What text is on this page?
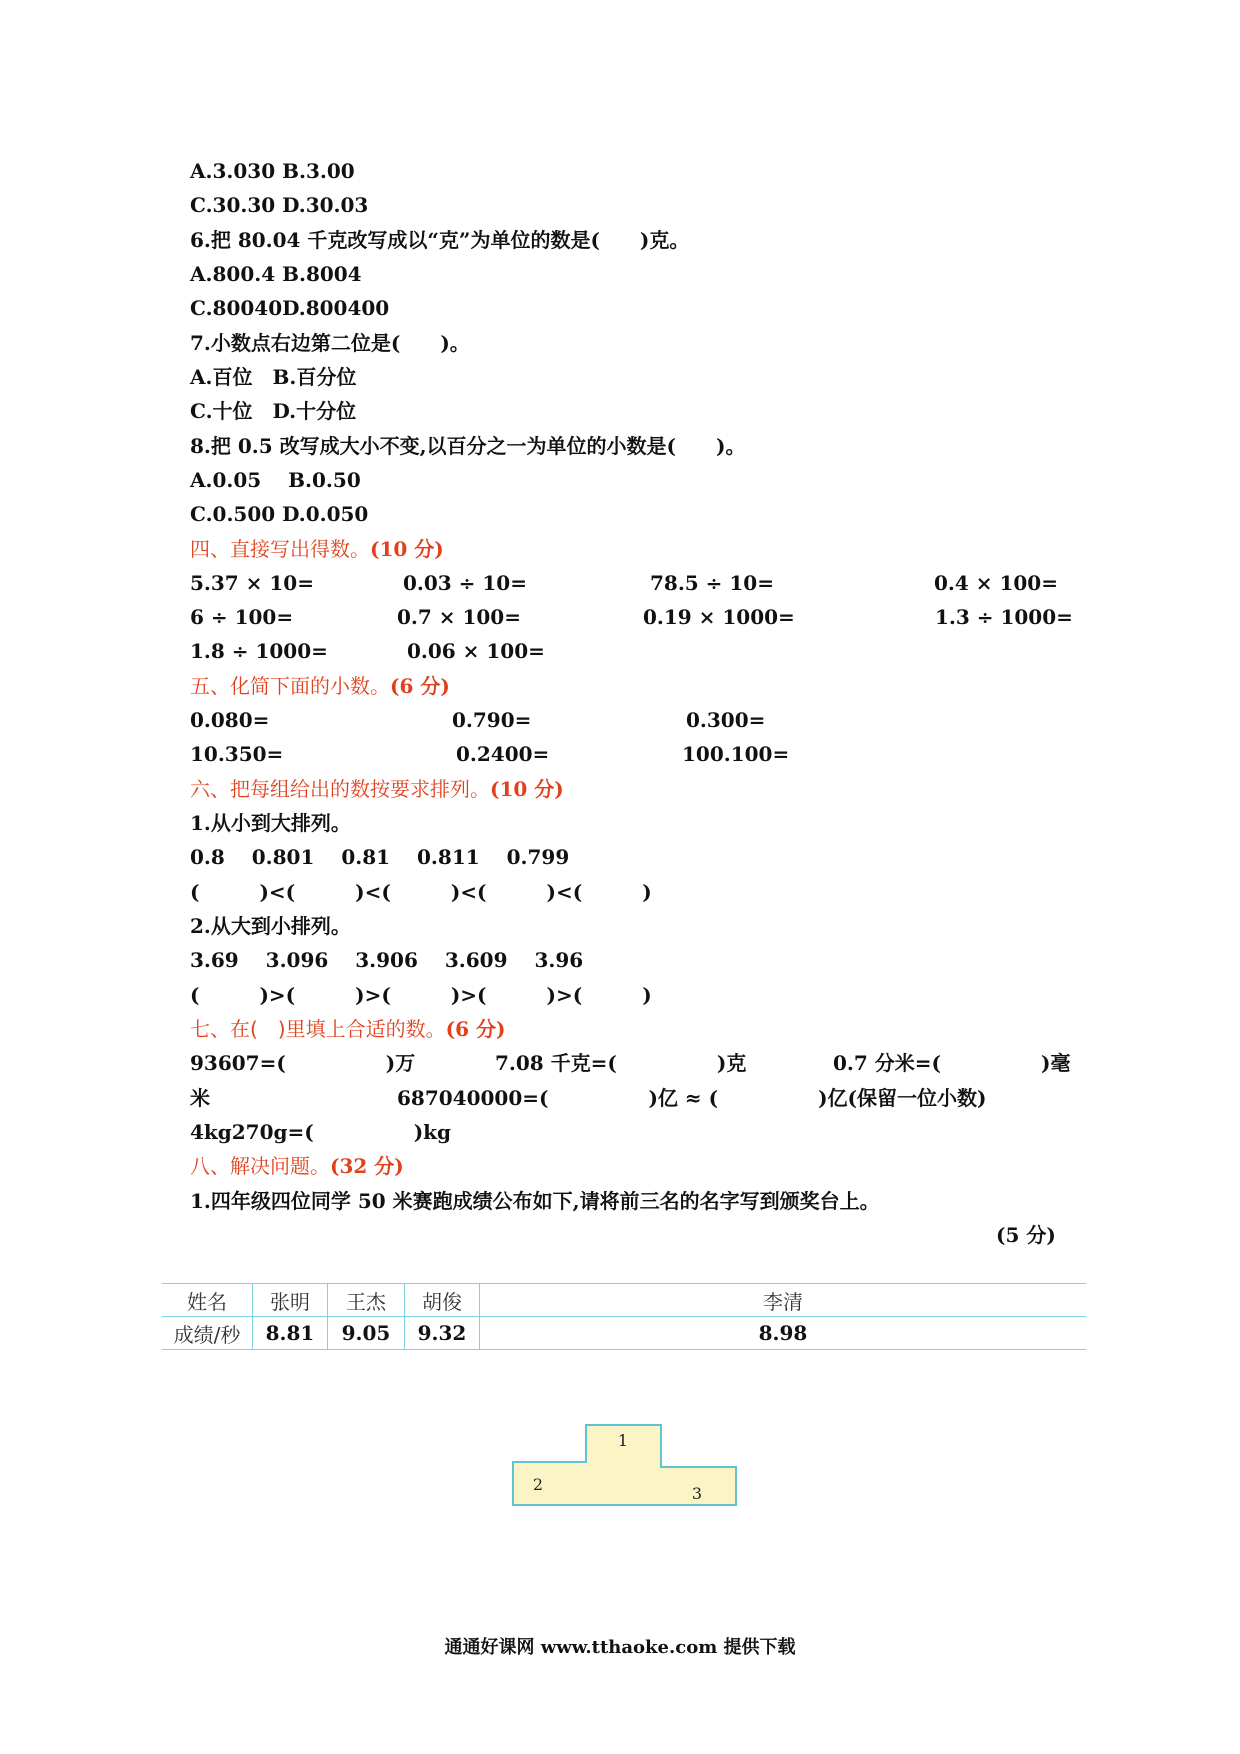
A.3.030 B.3.00
C.30.30 D.30.03
6.把 80.04 千克改写成以“克”为单位的数是(　　)克。
A.800.4 B.8004
C.80040D.800400
7.小数点右边第二位是(　　)。
A.百位　B.百分位
C.十位　D.十分位
8.把 0.5 改写成大小不变,以百分之一为单位的小数是(　　)。
A.0.05　 B.0.50
C.0.500 D.0.050
四、直接写出得数。(10 分)
5.37 × 10=	0.03 ÷ 10=	78.5 ÷ 10=	0.4 × 100=
6 ÷ 100=	0.7 × 100=	0.19 × 1000=	1.3 ÷ 1000=
1.8 ÷ 1000=	0.06 × 100=
五、化简下面的小数。(6 分)
0.080=	0.790=	0.300=
10.350=	0.2400=	100.100=
六、把每组给出的数按要求排列。(10 分)
1.从小到大排列。
0.8　 0.801　 0.81　 0.811　 0.799
(　　　)<(　　　)<(　　　)<(　　　)<(　　　)
2.从大到小排列。
3.69　 3.096　 3.906　 3.609　 3.96
(　　　)>(　　　)>(　　　)>(　　　)>(　　　)
七、在(　)里填上合适的数。(6 分)
93607=(　　　　　)万	7.08 千克=(　　　　　)克	0.7 分米=(　　　　　)毫
米	687040000=(　　　　　)亿 ≈ (　　　　　)亿(保留一位小数)
4kg270g=(　　　　　)kg
八、解决问题。(32 分)
1.四年级四位同学 50 米赛跑成绩公布如下,请将前三名的名字写到颁奖台上。
(5 分)
姓名	张明	王杰	胡俊	李清
成绩/秒	8.81	9.05	9.32	8.98
1
2	3
通通好课网 www.tthaoke.com 提供下载
